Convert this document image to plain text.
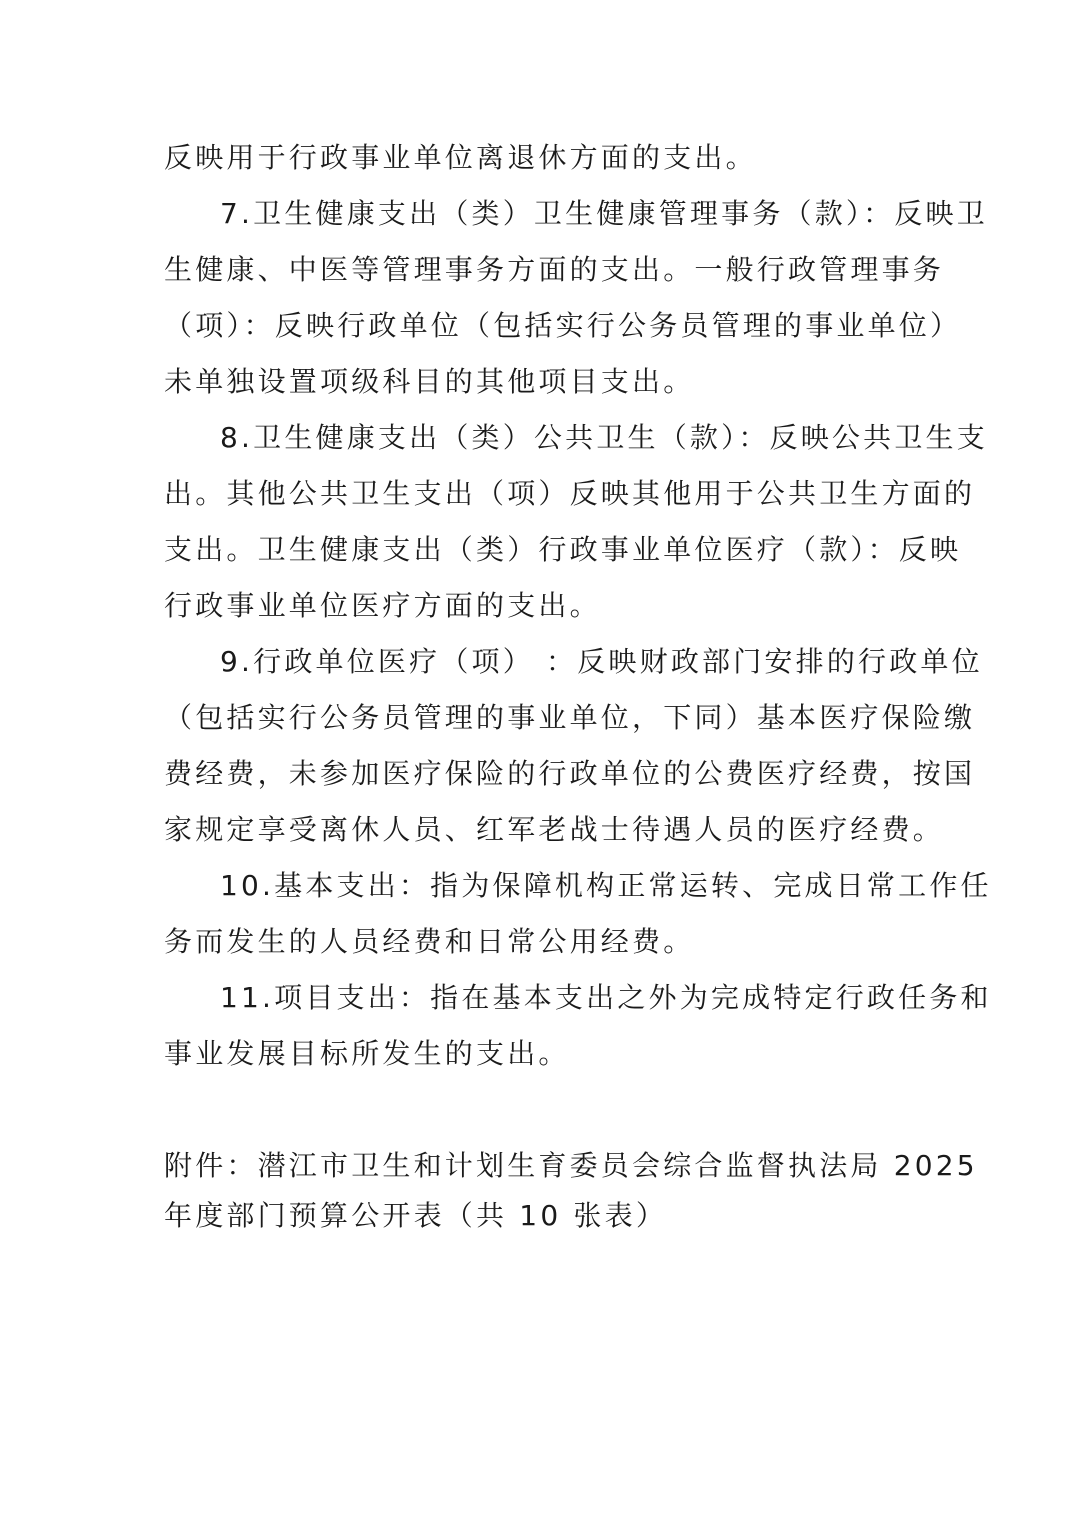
反映用于行政事业单位离退休方面的支出。

7.卫生健康支出（类）卫生健康管理事务（款）：反映卫

生健康、中医等管理事务方面的支出。一般行政管理事务

（项）：反映行政单位（包括实行公务员管理的事业单位）

未单独设置项级科目的其他项目支出。

8.卫生健康支出（类）公共卫生（款）：反映公共卫生支

出。其他公共卫生支出（项）反映其他用于公共卫生方面的

支出。卫生健康支出（类）行政事业单位医疗（款）：反映

行政事业单位医疗方面的支出。

9.行政单位医疗（项） ：反映财政部门安排的行政单位

（包括实行公务员管理的事业单位，下同）基本医疗保险缴

费经费，未参加医疗保险的行政单位的公费医疗经费，按国

家规定享受离休人员、红军老战士待遇人员的医疗经费。

10.基本支出：指为保障机构正常运转、完成日常工作任

务而发生的人员经费和日常公用经费。

11.项目支出：指在基本支出之外为完成特定行政任务和

事业发展目标所发生的支出。

附件：潜江市卫生和计划生育委员会综合监督执法局 2025

年度部门预算公开表（共 10 张表）
